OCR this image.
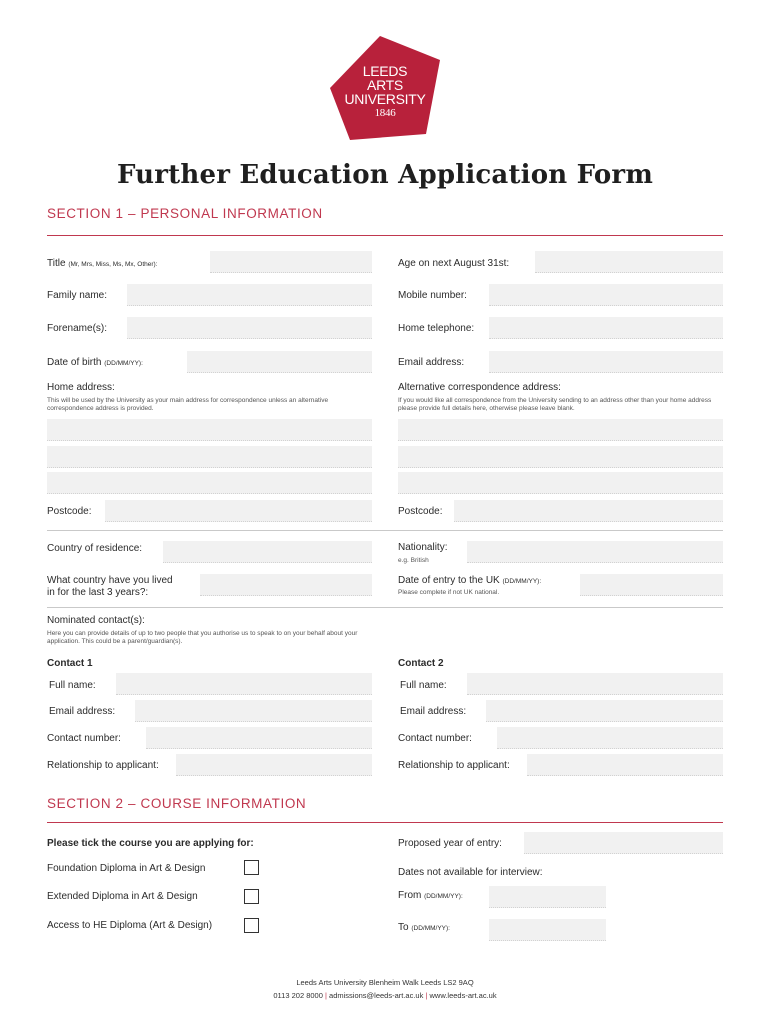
LEEDS
ARTS
UNIVERSITY
1846
Further Education Application Form
SECTION 1 – PERSONAL INFORMATION
Title (Mr, Mrs, Miss, Ms, Mx, Other):	Age on next August 31st:
Family name:	Mobile number:
Forename(s):	Home telephone:
Date of birth (DD/MM/YY):	Email address:
Home address:
This will be used by the University as your main address for correspondence unless an alternative correspondence address is provided.
Alternative correspondence address:
If you would like all correspondence from the University sending to an address other than your home address please provide full details here, otherwise please leave blank.
Postcode:	Postcode:
Country of residence:	Nationality:
e.g. British
What country have you lived
in for the last 3 years?:
Date of entry to the UK (DD/MM/YY):
Please complete if not UK national.
Nominated contact(s):
Here you can provide details of up to two people that you authorise us to speak to on your behalf about your application. This could be a parent/guardian(s).
Contact 1	Contact 2
Full name:	Full name:
Email address:	Email address:
Contact number:	Contact number:
Relationship to applicant:	Relationship to applicant:
SECTION 2 – COURSE INFORMATION
Please tick the course you are applying for:
Foundation Diploma in Art & Design
Extended Diploma in Art & Design
Access to HE Diploma (Art & Design)
Proposed year of entry:
Dates not available for interview:
From (DD/MM/YY):
To (DD/MM/YY):
Leeds Arts University Blenheim Walk Leeds LS2 9AQ
0113 202 8000 | admissions@leeds-art.ac.uk | www.leeds-art.ac.uk
